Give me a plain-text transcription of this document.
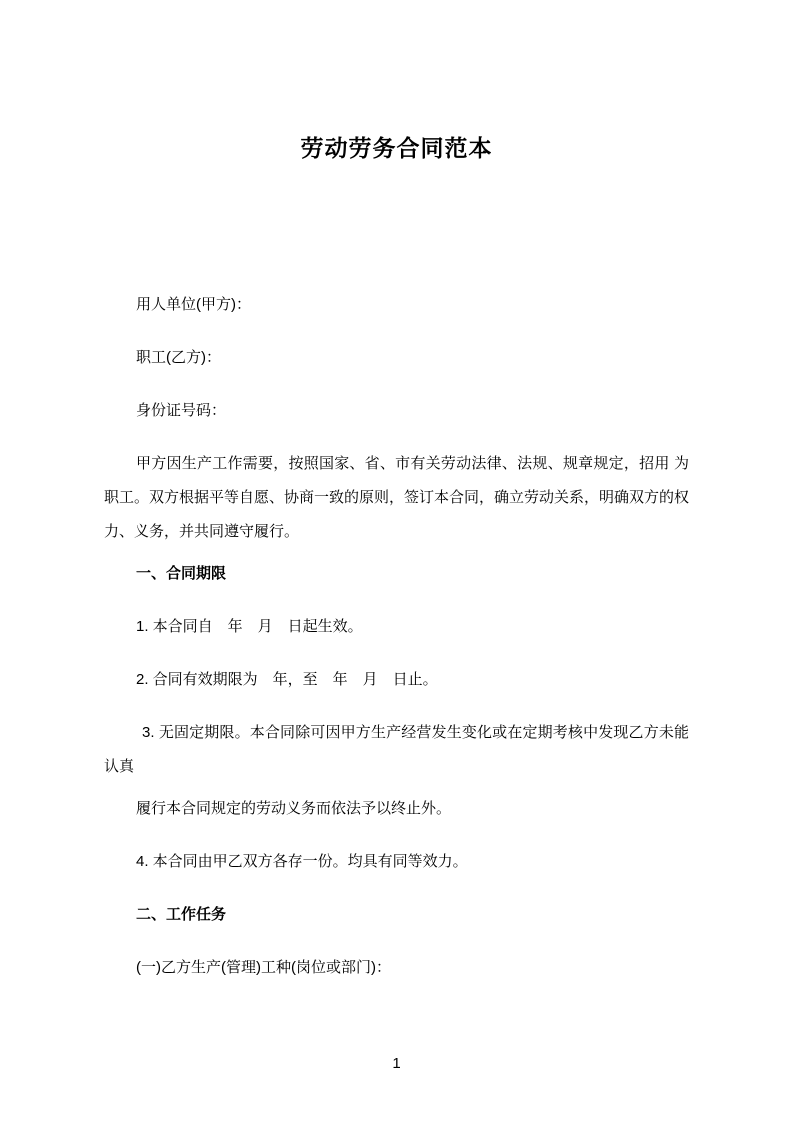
劳动劳务合同范本

用人单位(甲方)：

职工(乙方)：

身份证号码：

甲方因生产工作需要，按照国家、省、市有关劳动法律、法规、规章规定，招用 为职工。双方根据平等自愿、协商一致的原则，签订本合同，确立劳动关系，明确双方的权力、义务，并共同遵守履行。

一、合同期限

1. 本合同自　年　月　日起生效。

2. 合同有效期限为　年，至　年　月　日止。

3. 无固定期限。本合同除可因甲方生产经营发生变化或在定期考核中发现乙方未能认真

履行本合同规定的劳动义务而依法予以终止外。

4. 本合同由甲乙双方各存一份。均具有同等效力。

二、工作任务

(一)乙方生产(管理)工种(岗位或部门)：

1
